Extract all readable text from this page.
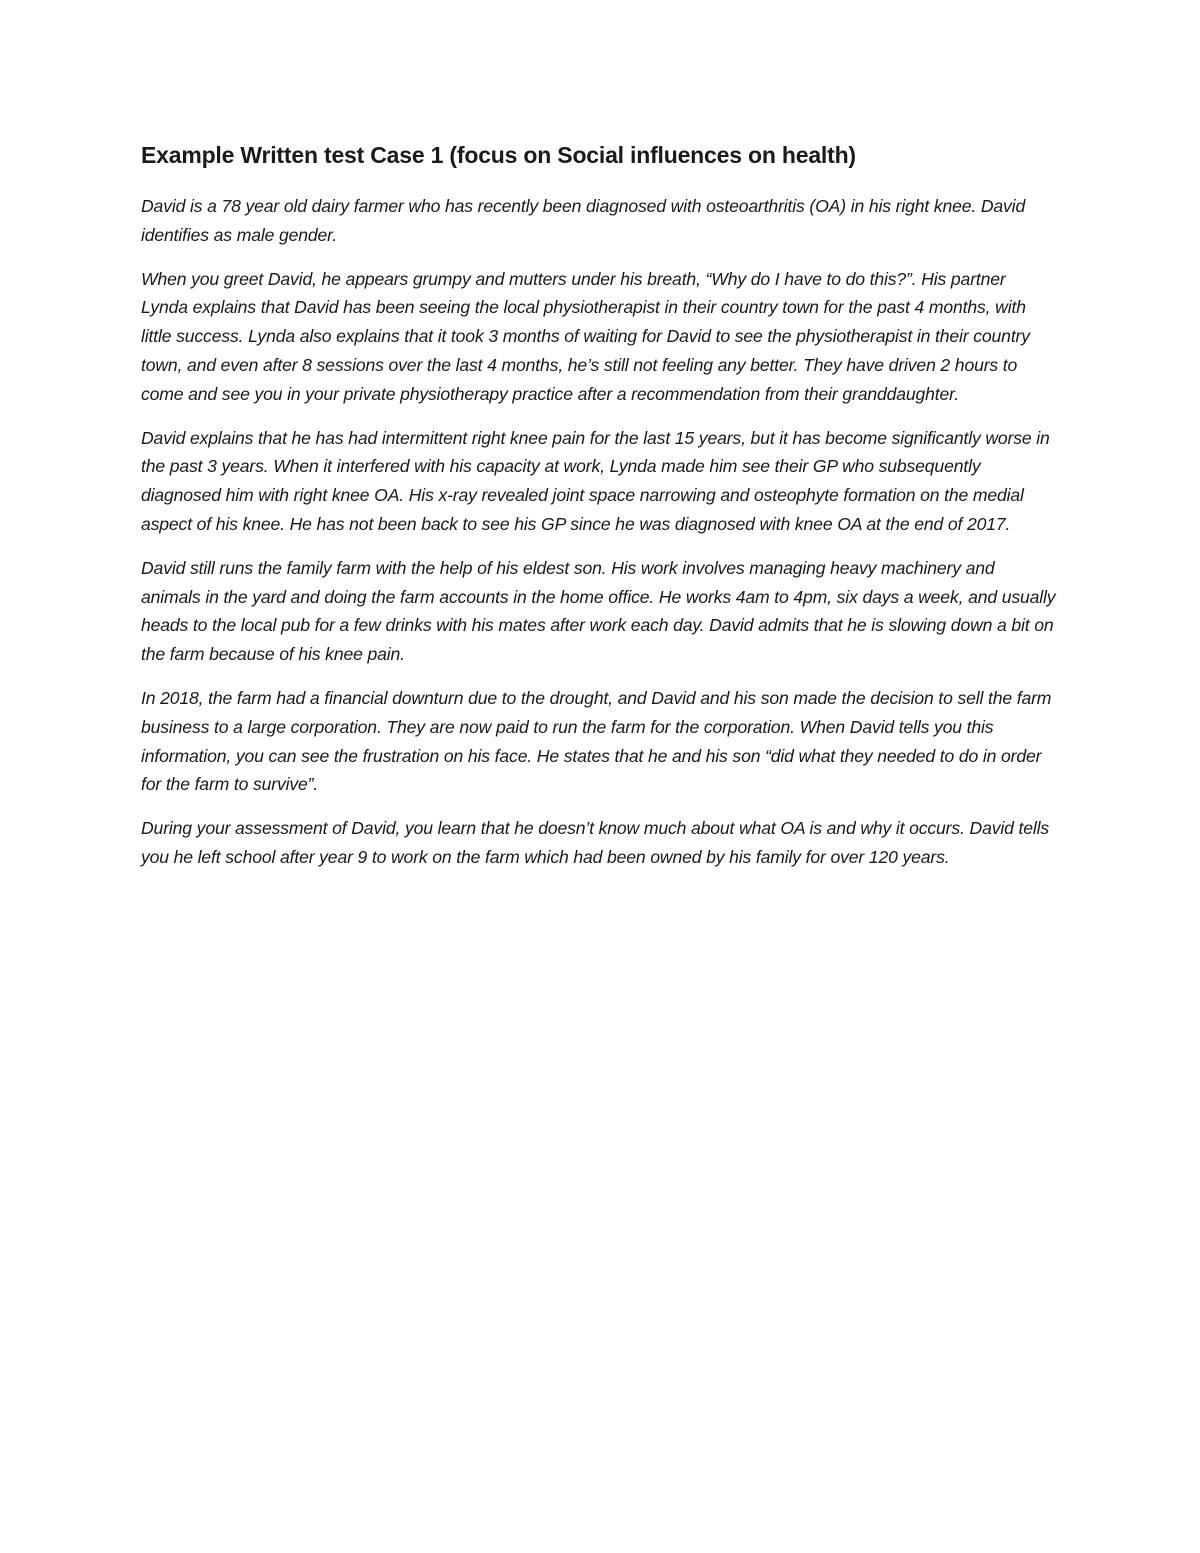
Example Written test Case 1 (focus on Social influences on health)

David is a 78 year old dairy farmer who has recently been diagnosed with osteoarthritis (OA) in his right knee. David identifies as male gender.

When you greet David, he appears grumpy and mutters under his breath, “Why do I have to do this?”. His partner Lynda explains that David has been seeing the local physiotherapist in their country town for the past 4 months, with little success. Lynda also explains that it took 3 months of waiting for David to see the physiotherapist in their country town, and even after 8 sessions over the last 4 months, he’s still not feeling any better. They have driven 2 hours to come and see you in your private physiotherapy practice after a recommendation from their granddaughter.

David explains that he has had intermittent right knee pain for the last 15 years, but it has become significantly worse in the past 3 years. When it interfered with his capacity at work, Lynda made him see their GP who subsequently diagnosed him with right knee OA. His x-ray revealed joint space narrowing and osteophyte formation on the medial aspect of his knee. He has not been back to see his GP since he was diagnosed with knee OA at the end of 2017.

David still runs the family farm with the help of his eldest son. His work involves managing heavy machinery and animals in the yard and doing the farm accounts in the home office. He works 4am to 4pm, six days a week, and usually heads to the local pub for a few drinks with his mates after work each day. David admits that he is slowing down a bit on the farm because of his knee pain.

In 2018, the farm had a financial downturn due to the drought, and David and his son made the decision to sell the farm business to a large corporation. They are now paid to run the farm for the corporation. When David tells you this information, you can see the frustration on his face. He states that he and his son “did what they needed to do in order for the farm to survive”.

During your assessment of David, you learn that he doesn’t know much about what OA is and why it occurs. David tells you he left school after year 9 to work on the farm which had been owned by his family for over 120 years.
